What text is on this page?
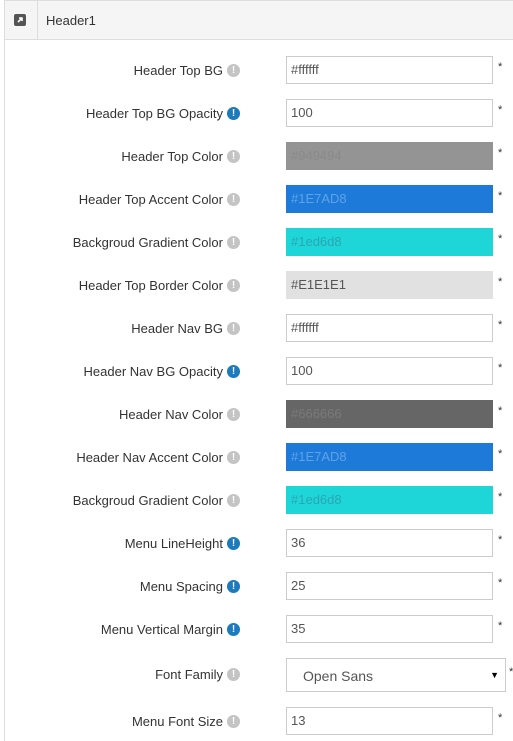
Header1
Header Top BG !	#ffffff	*
Header Top BG Opacity !	100	*
Header Top Color !	#949494	*
Header Top Accent Color !	#1E7AD8	*
Backgroud Gradient Color !	#1ed6d8	*
Header Top Border Color !	#E1E1E1	*
Header Nav BG !	#ffffff	*
Header Nav BG Opacity !	100	*
Header Nav Color !	#666666	*
Header Nav Accent Color !	#1E7AD8	*
Backgroud Gradient Color !	#1ed6d8	*
Menu LineHeight !	36	*
Menu Spacing !	25	*
Menu Vertical Margin !	35	*
Font Family !	Open Sans	▼ *
Menu Font Size !	13	*
